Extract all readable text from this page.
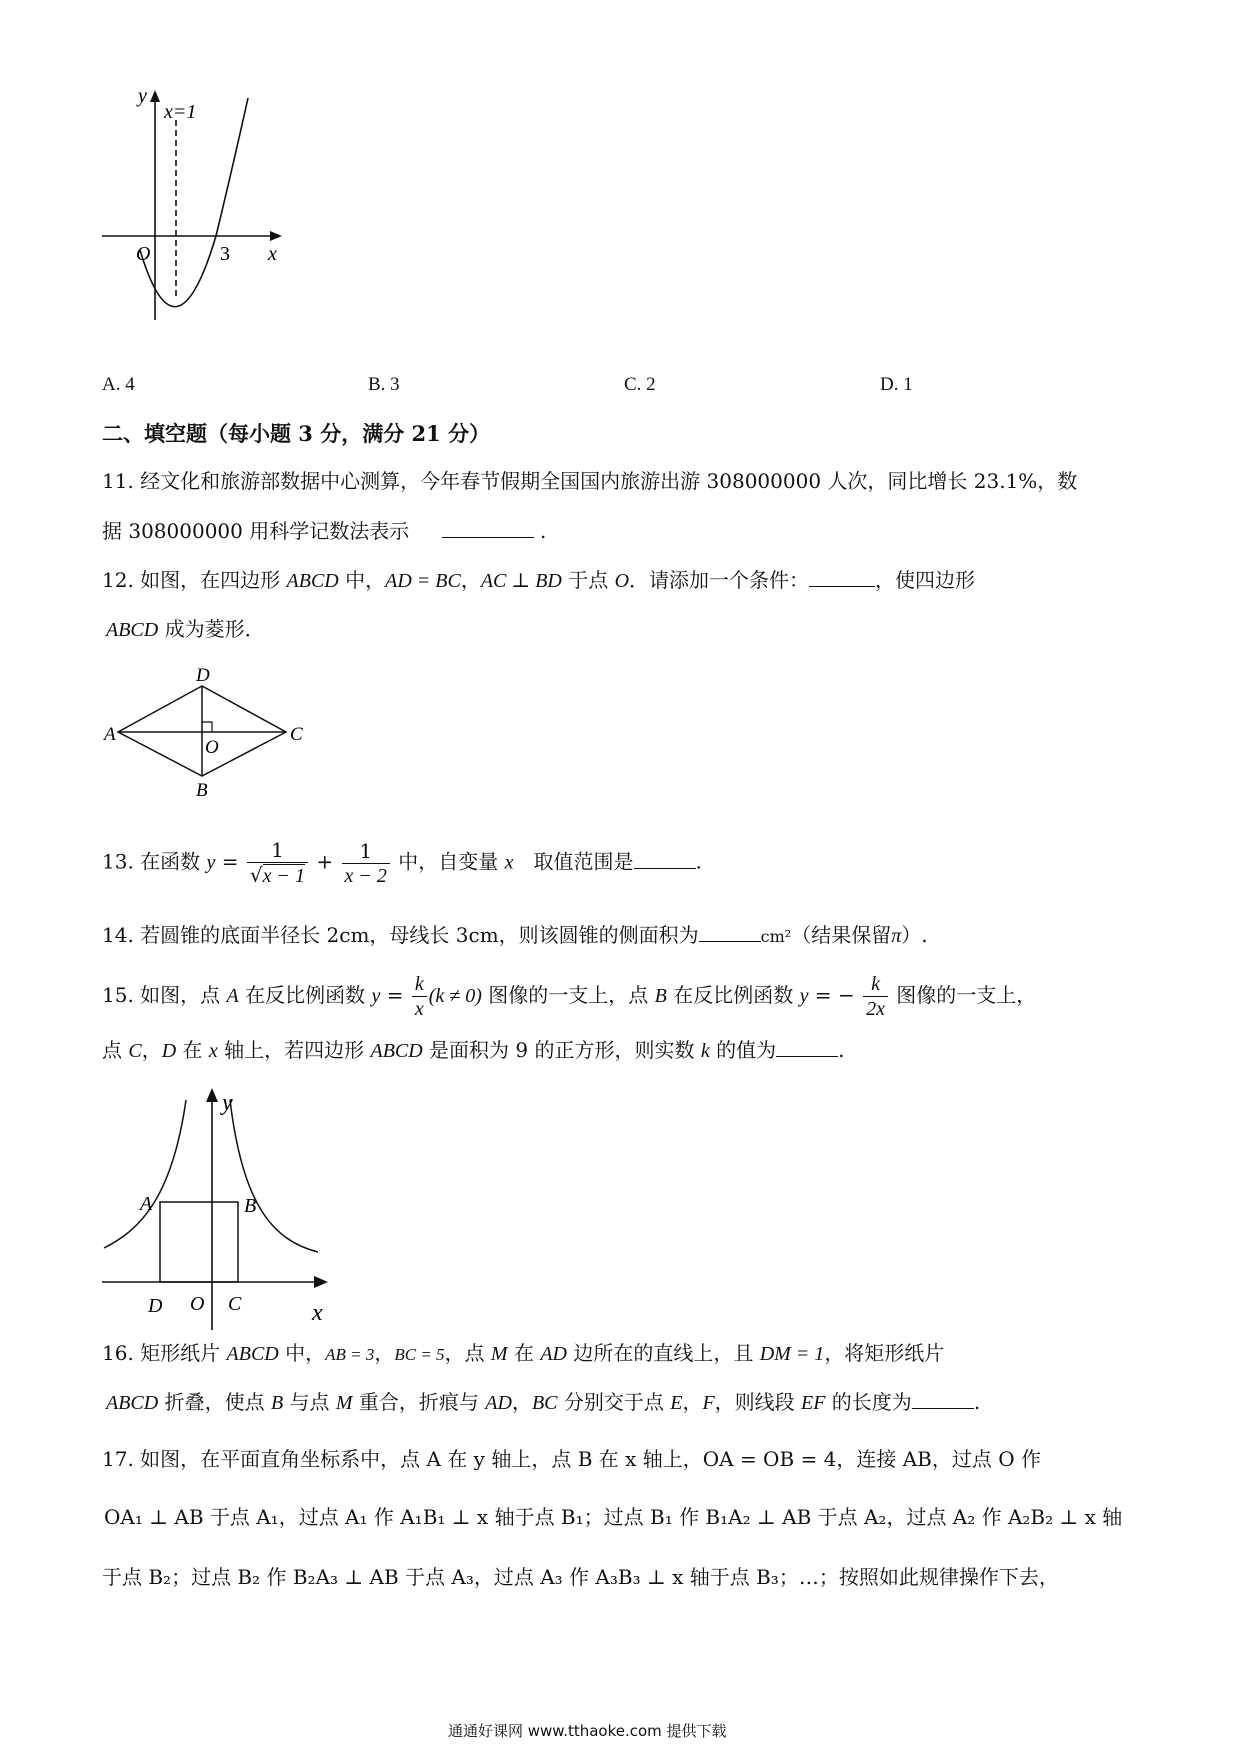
y
x=1
O	3 x
A. 4	B. 3	C. 2	D. 1
二、填空题（每小题 3 分，满分 21 分）
11. 经文化和旅游部数据中心测算，今年春节假期全国国内旅游出游 308000000 人次，同比增长 23.1%，数
据 308000000 用科学记数法表示	.
12. 如图，在四边形 ABCD 中，AD = BC，AC ⊥ BD 于点 O．请添加一个条件：	，使四边形
ABCD 成为菱形．
A
D
C
O
B
13. 在函数 $y = \frac{1}{√x - 1} + \frac{1}{x - 2}$ 中，自变量 x　取值范围是	.
14. 若圆锥的底面半径长 2cm，母线长 3cm，则该圆锥的侧面积为	cm²（结果保留π）.
15. 如图，点 A 在反比例函数 $y = \frac{k}{x} (k \ne 0)$ 图像的一支上，点 B 在反比例函数 y = − $\frac{k}{2x}$ 图像的一支上，
点 C，D 在 x 轴上，若四边形 ABCD 是面积为 9 的正方形，则实数 k 的值为	.
y
A	B
D O C	x
16. 矩形纸片 ABCD 中，AB = 3，BC = 5，点 M 在 AD 边所在的直线上，且 DM = 1，将矩形纸片
ABCD 折叠，使点 B 与点 M 重合，折痕与 AD，BC 分别交于点 E，F，则线段 EF 的长度为	.
17. 如图，在平面直角坐标系中，点 A 在 y 轴上，点 B 在 x 轴上，OA = OB = 4，连接 AB，过点 O 作
OA₁ ⊥ AB 于点 A₁，过点 A₁ 作 A₁B₁ ⊥ x 轴于点 B₁；过点 B₁ 作 B₁A₂ ⊥ AB 于点 A₂，过点 A₂ 作 A₂B₂ ⊥ x 轴
于点 B₂；过点 B₂ 作 B₂A₃ ⊥ AB 于点 A₃，过点 A₃ 作 A₃B₃ ⊥ x 轴于点 B₃；…；按照如此规律操作下去，
通通好课网 www.tthaoke.com 提供下载
